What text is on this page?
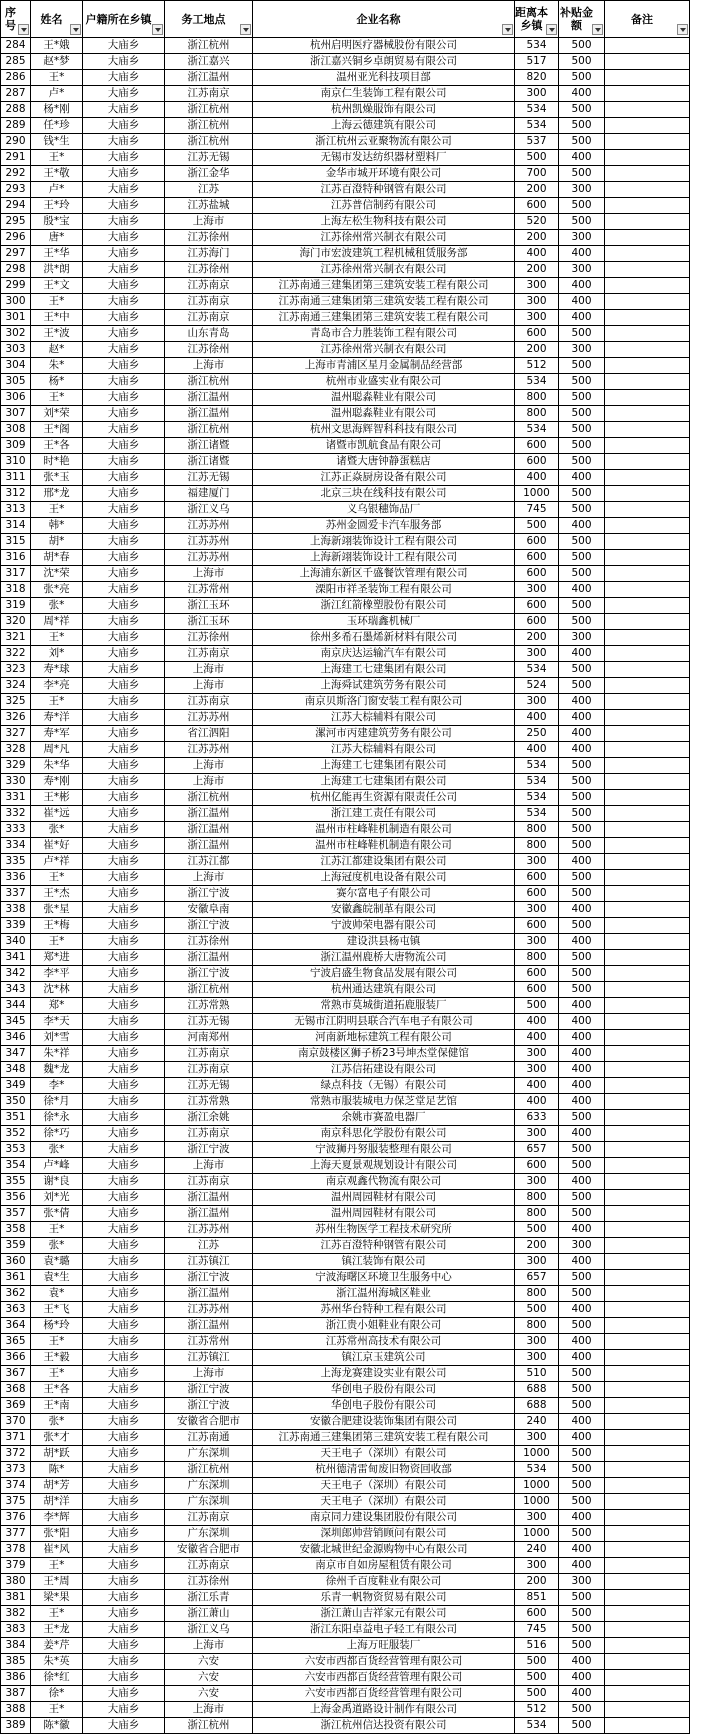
序号	姓名	户籍所在乡镇	务工地点	企业名称	距离本乡镇	补贴金额	备注

284	王*娥	大庙乡	浙江杭州	杭州启明医疗器械股份有限公司	534	500	
285	赵*梦	大庙乡	浙江嘉兴	浙江嘉兴铜乡卓朗贸易有限公司	517	500	
286	王*	大庙乡	浙江温州	温州亚光科技项目部	820	500	
287	卢*	大庙乡	江苏南京	南京仁生装饰工程有限公司	300	400	
288	杨*刚	大庙乡	浙江杭州	杭州凯燥服饰有限公司	534	500	
289	任*珍	大庙乡	浙江杭州	上海云德建筑有限公司	534	500	
290	钱*生	大庙乡	浙江杭州	浙江杭州云亚聚物流有限公司	537	500	
291	王*	大庙乡	江苏无锡	无锡市发达纺织器材塑料厂	500	400	
292	王*敬	大庙乡	浙江金华	金华市城开环境有限公司	700	500	
293	卢*	大庙乡	江苏	江苏百澄特种钢管有限公司	200	300	
294	王*玲	大庙乡	江苏盐城	江苏普信制药有限公司	600	500	
295	殷*宝	大庙乡	上海市	上海左松生物科技有限公司	520	500	
296	唐*	大庙乡	江苏徐州	江苏徐州常兴制衣有限公司	200	300	
297	王*华	大庙乡	江苏海门	海门市宏波建筑工程机械租赁服务部	400	400	
298	洪*朗	大庙乡	江苏徐州	江苏徐州常兴制衣有限公司	200	300	
299	王*文	大庙乡	江苏南京	江苏南通三建集团第三建筑安装工程有限公司	300	400	
300	王*	大庙乡	江苏南京	江苏南通三建集团第三建筑安装工程有限公司	300	400	
301	王*中	大庙乡	江苏南京	江苏南通三建集团第三建筑安装工程有限公司	300	400	
302	王*波	大庙乡	山东青岛	青岛市合力胜装饰工程有限公司	600	500	
303	赵*	大庙乡	江苏徐州	江苏徐州常兴制衣有限公司	200	300	
304	朱*	大庙乡	上海市	上海市青浦区星月金属制品经营部	512	500	
305	杨*	大庙乡	浙江杭州	杭州市业盛实业有限公司	534	500	
306	王*	大庙乡	浙江温州	温州聪淼鞋业有限公司	800	500	
307	刘*荣	大庙乡	浙江温州	温州聪淼鞋业有限公司	800	500	
308	王*阁	大庙乡	浙江杭州	杭州文思海辉智科科技有限公司	534	500	
309	王*各	大庙乡	浙江诸暨	诸暨市凯航食品有限公司	600	500	
310	时*艳	大庙乡	浙江诸暨	诸暨大唐钟静蛋糕店	600	500	
311	张*玉	大庙乡	江苏无锡	江苏正焱厨房设备有限公司	400	400	
312	邢*龙	大庙乡	福建厦门	北京三块在线科技有限公司	1000	500	
313	王*	大庙乡	浙江义乌	义乌银穗饰品厂	745	500	
314	韩*	大庙乡	江苏苏州	苏州金圆爱卡汽车服务部	500	400	
315	胡*	大庙乡	江苏苏州	上海新翊装饰设计工程有限公司	600	500	
316	胡*春	大庙乡	江苏苏州	上海新翊装饰设计工程有限公司	600	500	
317	沈*荣	大庙乡	上海市	上海浦东新区千盛餐饮管理有限公司	600	500	
318	张*亮	大庙乡	江苏常州	溧阳市祥圣装饰工程有限公司	300	400	
319	张*	大庙乡	浙江玉环	浙江红箭橡塑股份有限公司	600	500	
320	周*祥	大庙乡	浙江玉环	玉环瑞鑫机械厂	600	500	
321	王*	大庙乡	江苏徐州	徐州多希石墨烯新材料有限公司	200	300	
322	刘*	大庙乡	江苏南京	南京庆达运输汽车有限公司	300	400	
323	寿*球	大庙乡	上海市	上海建工七建集团有限公司	534	500	
324	李*亮	大庙乡	上海市	上海舜试建筑劳务有限公司	524	500	
325	王*	大庙乡	江苏南京	南京贝斯洛门窗安装工程有限公司	300	400	
326	寿*洋	大庙乡	江苏苏州	江苏大棕辅料有限公司	400	400	
327	寿*军	大庙乡	省江泗阳	漯河市丙建建筑劳务有限公司	250	400	
328	周*凡	大庙乡	江苏苏州	江苏大棕辅料有限公司	400	400	
329	朱*华	大庙乡	上海市	上海建工七建集团有限公司	534	500	
330	寿*刚	大庙乡	上海市	上海建工七建集团有限公司	534	500	
331	王*彬	大庙乡	浙江杭州	杭州亿能再生资源有限责任公司	534	500	
332	崔*远	大庙乡	浙江温州	浙江建工责任有限公司	534	500	
333	张*	大庙乡	浙江温州	温州市柱峰鞋机制造有限公司	800	500	
334	崔*好	大庙乡	浙江温州	温州市柱峰鞋机制造有限公司	800	500	
335	卢*祥	大庙乡	江苏江都	江苏江都建设集团有限公司	300	400	
336	王*	大庙乡	上海市	上海冠度机电设备有限公司	600	500	
337	王*杰	大庙乡	浙江宁波	赛尔富电子有限公司	600	500	
338	张*星	大庙乡	安徽阜南	安徽鑫皖制革有限公司	300	400	
339	王*梅	大庙乡	浙江宁波	宁波帅荣电器有限公司	600	500	
340	王*	大庙乡	江苏徐州	建设洪县杨屯镇	300	400	
341	郑*进	大庙乡	浙江温州	浙江温州鹿桥大唐物流公司	800	500	
342	李*平	大庙乡	浙江宁波	宁波启盛生物食品发展有限公司	600	500	
343	沈*林	大庙乡	浙江杭州	杭州通达建筑有限公司	600	500	
344	郑*	大庙乡	江苏常熟	常熟市莫城街道拓鹿服装厂	500	400	
345	李*天	大庙乡	江苏无锡	无锡市江阴明县联合汽车电子有限公司	400	400	
346	刘*雪	大庙乡	河南郑州	河南新地标建筑工程有限公司	400	400	
347	朱*祥	大庙乡	江苏南京	南京鼓楼区狮子桥23号坤杰堂保健馆	300	400	
348	魏*龙	大庙乡	江苏南京	江苏信拓建设有限公司	300	400	
349	李*	大庙乡	江苏无锡	绿点科技（无锡）有限公司	400	400	
350	徐*月	大庙乡	江苏常熟	常熟市服装城电力保芝堂足艺馆	400	400	
351	徐*永	大庙乡	浙江余姚	余姚市赛盈电器厂	633	500	
352	徐*巧	大庙乡	江苏南京	南京科思化学股份有限公司	300	400	
353	张*	大庙乡	浙江宁波	宁波狮丹努服装整理有限公司	657	500	
354	卢*峰	大庙乡	上海市	上海天夏景观规划设计有限公司	600	500	
355	谢*良	大庙乡	江苏南京	南京观鑫代物流有限公司	300	400	
356	刘*光	大庙乡	浙江温州	温州周园鞋材有限公司	800	500	
357	张*倩	大庙乡	浙江温州	温州周园鞋材有限公司	800	500	
358	王*	大庙乡	江苏苏州	苏州生物医学工程技术研究所	500	400	
359	张*	大庙乡	江苏	江苏百澄特种钢管有限公司	200	300	
360	袁*璐	大庙乡	江苏镇江	镇江装饰有限公司	300	400	
361	袁*生	大庙乡	浙江宁波	宁波海曙区环境卫生服务中心	657	500	
362	袁*	大庙乡	浙江温州	浙江温州海城区鞋业	800	500	
363	王*飞	大庙乡	江苏苏州	苏州华台特种工程有限公司	500	400	
364	杨*玲	大庙乡	浙江温州	浙江贵小姐鞋业有限公司	800	500	
365	王*	大庙乡	江苏常州	江苏常州高技术有限公司	300	400	
366	王*毅	大庙乡	江苏镇江	镇江京玉建筑公司	300	400	
367	王*	大庙乡	上海市	上海龙赛建设实业有限公司	510	500	
368	王*各	大庙乡	浙江宁波	华创电子股份有限公司	688	500	
369	王*南	大庙乡	浙江宁波	华创电子股份有限公司	688	500	
370	张*	大庙乡	安徽省合肥市	安徽合肥建设装饰集团有限公司	240	400	
371	张*才	大庙乡	江苏南通	江苏南通三建集团第三建筑安装工程有限公司	300	400	
372	胡*跃	大庙乡	广东深圳	天王电子（深圳）有限公司	1000	500	
373	陈*	大庙乡	浙江杭州	杭州德清雷甸废旧物资回收部	534	500	
374	胡*芳	大庙乡	广东深圳	天王电子（深圳）有限公司	1000	500	
375	胡*洋	大庙乡	广东深圳	天王电子（深圳）有限公司	1000	500	
376	李*辉	大庙乡	江苏南京	南京同力建设集团股份有限公司	300	400	
377	张*阳	大庙乡	广东深圳	深圳郎帅营销顾问有限公司	1000	500	
378	崔*风	大庙乡	安徽省合肥市	安徽北城世纪金源购物中心有限公司	240	400	
379	王*	大庙乡	江苏南京	南京市自如房屋租赁有限公司	300	400	
380	王*周	大庙乡	江苏徐州	徐州千百度鞋业有限公司	200	300	
381	梁*果	大庙乡	浙江乐青	乐青一帆物资贸易有限公司	851	500	
382	王*	大庙乡	浙江萧山	浙江萧山吉祥家元有限公司	600	500	
383	王*龙	大庙乡	浙江义乌	浙江东阳卓益电子轻工有限公司	745	500	
384	姜*芹	大庙乡	上海市	上海万旺服装厂	516	500	
385	朱*英	大庙乡	六安	六安市西都百货经营管理有限公司	500	400	
386	徐*红	大庙乡	六安	六安市西都百货经营管理有限公司	500	400	
387	徐*	大庙乡	六安	六安市西都百货经营管理有限公司	500	400	
388	王*	大庙乡	上海市	上海金禹道路设计制作有限公司	512	500	
389	陈*徽	大庙乡	浙江杭州	浙江杭州信达投资有限公司	534	500	
